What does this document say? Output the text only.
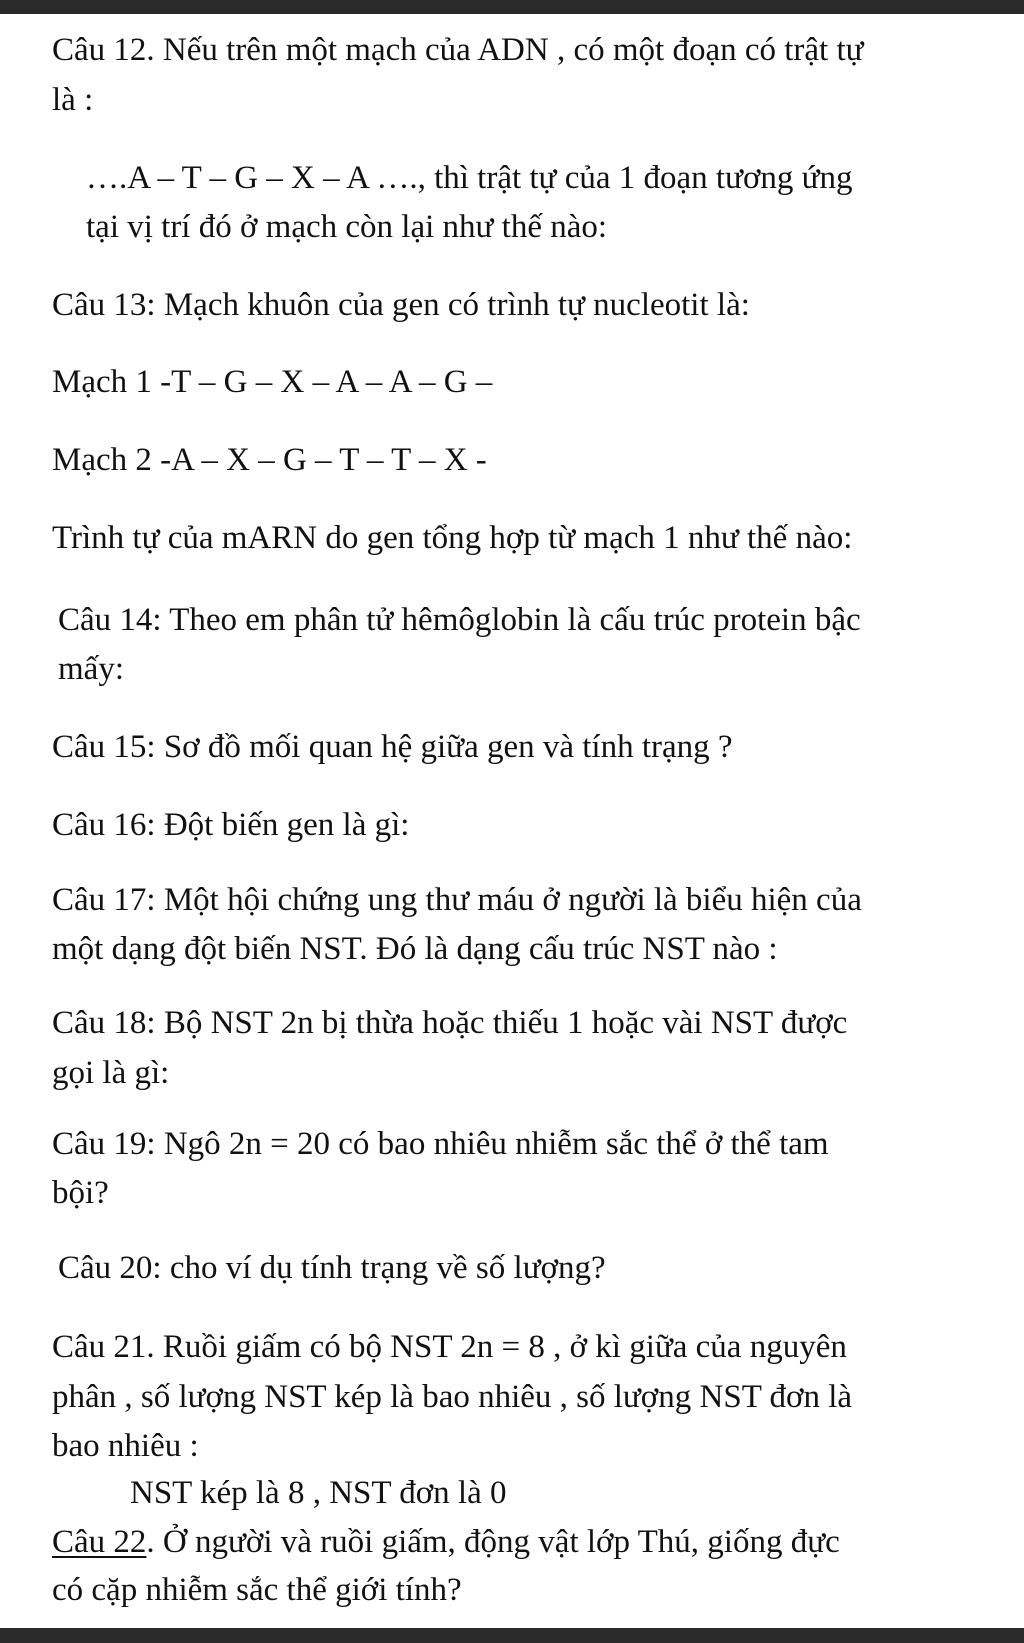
Câu 12. Nếu trên một mạch của ADN , có một đoạn có trật tự
là :
….A – T – G – X – A …., thì trật tự của 1 đoạn tương ứng
tại vị trí đó ở mạch còn lại như thế nào:
Câu 13: Mạch khuôn của gen có trình tự nucleotit là:
Mạch 1 -T – G – X – A – A – G –
Mạch 2 -A – X – G – T – T – X -
Trình tự của mARN do gen tổng hợp từ mạch 1 như thế nào:
Câu 14: Theo em phân tử hêmôglobin là cấu trúc protein bậc
mấy:
Câu 15: Sơ đồ mối quan hệ giữa gen và tính trạng ?
Câu 16: Đột biến gen là gì:
Câu 17: Một hội chứng ung thư máu ở người là biểu hiện của
một dạng đột biến NST. Đó là dạng cấu trúc NST nào :
Câu 18: Bộ NST 2n bị thừa hoặc thiếu 1 hoặc vài NST được
gọi là gì:
Câu 19: Ngô 2n = 20 có bao nhiêu nhiễm sắc thể ở thể tam
bội?
Câu 20: cho ví dụ tính trạng về số lượng?
Câu 21. Ruồi giấm có bộ NST 2n = 8 , ở kì giữa của nguyên
phân , số lượng NST kép là bao nhiêu , số lượng NST đơn là
bao nhiêu :
NST kép là 8 , NST đơn là 0
Câu 22. Ở người và ruồi giấm, động vật lớp Thú, giống đực
có cặp nhiễm sắc thể giới tính?
